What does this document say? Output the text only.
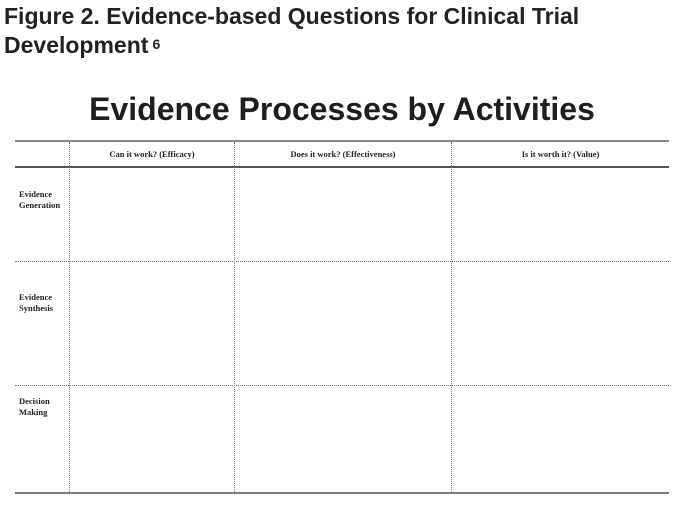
Figure 2. Evidence-based Questions for Clinical Trial
Development $^6$
Evidence Processes by Activities
Can it work? (Efficacy)	Does it work? (Effectiveness)	Is it worth it? (Value)
Evidence
Generation
Evidence
Synthesis
Decision
Making
